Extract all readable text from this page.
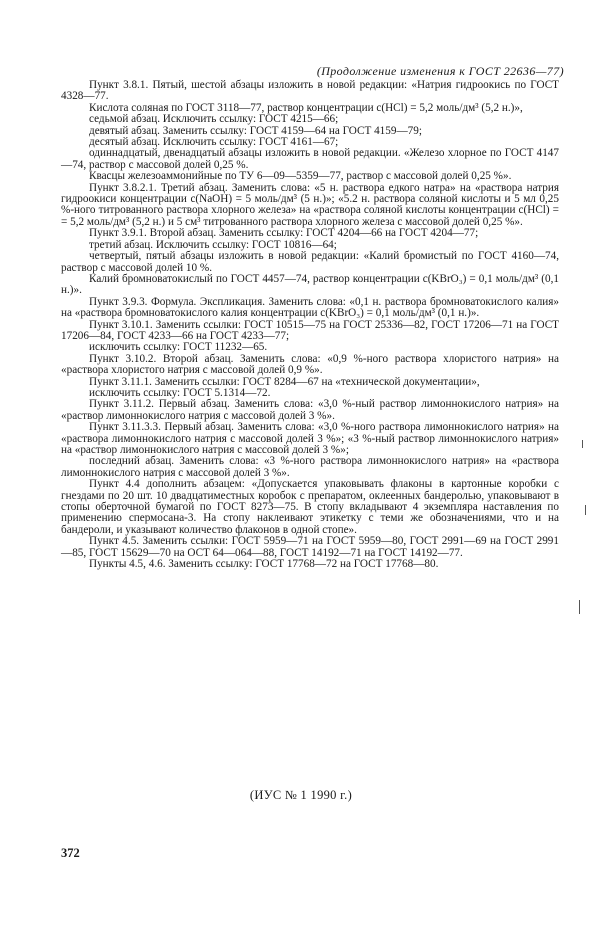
(Продолжение изменения к ГОСТ 22636—77)

Пункт 3.8.1. Пятый, шестой абзацы изложить в новой редакции: «Натрия гидроокись по ГОСТ 4328—77.

Кислота соляная по ГОСТ 3118—77, раствор концентрации с(HCl) = 5,2 моль/дм³ (5,2 н.)»,

седьмой абзац. Исключить ссылку: ГОСТ 4215—66;

девятый абзац. Заменить ссылку: ГОСТ 4159—64 на ГОСТ 4159—79;

десятый абзац. Исключить ссылку: ГОСТ 4161—67;

одиннадцатый, двенадцатый абзацы изложить в новой редакции. «Железо хлорное по ГОСТ 4147—74, раствор с массовой долей 0,25 %.

Квасцы железоаммонийные по ТУ 6—09—5359—77, раствор с массовой долей 0,25 %».

Пункт 3.8.2.1. Третий абзац. Заменить слова: «5 н. раствора едкого натра» на «раствора натрия гидроокиси концентрации с(NaOH) = 5 моль/дм³ (5 н.)»; «5.2 н. раствора соляной кислоты и 5 мл 0,25 %-ного титрованного раствора хлорного железа» на «раствора соляной кислоты концентрации с(HCl) = = 5,2 моль/дм³ (5,2 н.) и 5 см³ титрованного раствора хлорного железа с массовой долей 0,25 %».

Пункт 3.9.1. Второй абзац. Заменить ссылку: ГОСТ 4204—66 на ГОСТ 4204—77;

третий абзац. Исключить ссылку: ГОСТ 10816—64;

четвертый, пятый абзацы изложить в новой редакции: «Калий бромистый по ГОСТ 4160—74, раствор с массовой долей 10 %.

Калий бромноватокислый по ГОСТ 4457—74, раствор концентрации с(KBrO₃) = 0,1 моль/дм³ (0,1 н.)».

Пункт 3.9.3. Формула. Экспликация. Заменить слова: «0,1 н. раствора бромноватокислого калия» на «раствора бромноватокислого калия концентрации с(KBrO₃) = 0,1 моль/дм³ (0,1 н.)».

Пункт 3.10.1. Заменить ссылки: ГОСТ 10515—75 на ГОСТ 25336—82, ГОСТ 17206—71 на ГОСТ 17206—84, ГОСТ 4233—66 на ГОСТ 4233—77;

исключить ссылку: ГОСТ 11232—65.

Пункт 3.10.2. Второй абзац. Заменить слова: «0,9 %-ного раствора хлористого натрия» на «раствора хлористого натрия с массовой долей 0,9 %».

Пункт 3.11.1. Заменить ссылки: ГОСТ 8284—67 на «технической документации»,

исключить ссылку: ГОСТ 5.1314—72.

Пункт 3.11.2. Первый абзац. Заменить слова: «3,0 %-ный раствор лимоннокислого натрия» на «раствор лимоннокислого натрия с массовой долей 3 %».

Пункт 3.11.3.3. Первый абзац. Заменить слова: «3,0 %-ного раствора лимоннокислого натрия» на «раствора лимоннокислого натрия с массовой долей 3 %»; «3 %-ный раствор лимоннокислого натрия» на «раствор лимоннокислого натрия с массовой долей 3 %»;

последний абзац. Заменить слова: «3 %-ного раствора лимоннокислого натрия» на «раствора лимоннокислого натрия с массовой долей 3 %».

Пункт 4.4 дополнить абзацем: «Допускается упаковывать флаконы в картонные коробки с гнездами по 20 шт. 10 двадцатиместных коробок с препаратом, оклеенных бандеролью, упаковывают в стопы оберточной бумагой по ГОСТ 8273—75. В стопу вкладывают 4 экземпляра наставления по применению спермосана-3. На стопу наклеивают этикетку с теми же обозначениями, что и на бандероли, и указывают количество флаконов в одной стопе».

Пункт 4.5. Заменить ссылки: ГОСТ 5959—71 на ГОСТ 5959—80, ГОСТ 2991—69 на ГОСТ 2991—85, ГОСТ 15629—70 на ОСТ 64—064—88, ГОСТ 14192—71 на ГОСТ 14192—77.

Пункты 4.5, 4.6. Заменить ссылку: ГОСТ 17768—72 на ГОСТ 17768—80.

(ИУС № 1 1990 г.)
372
